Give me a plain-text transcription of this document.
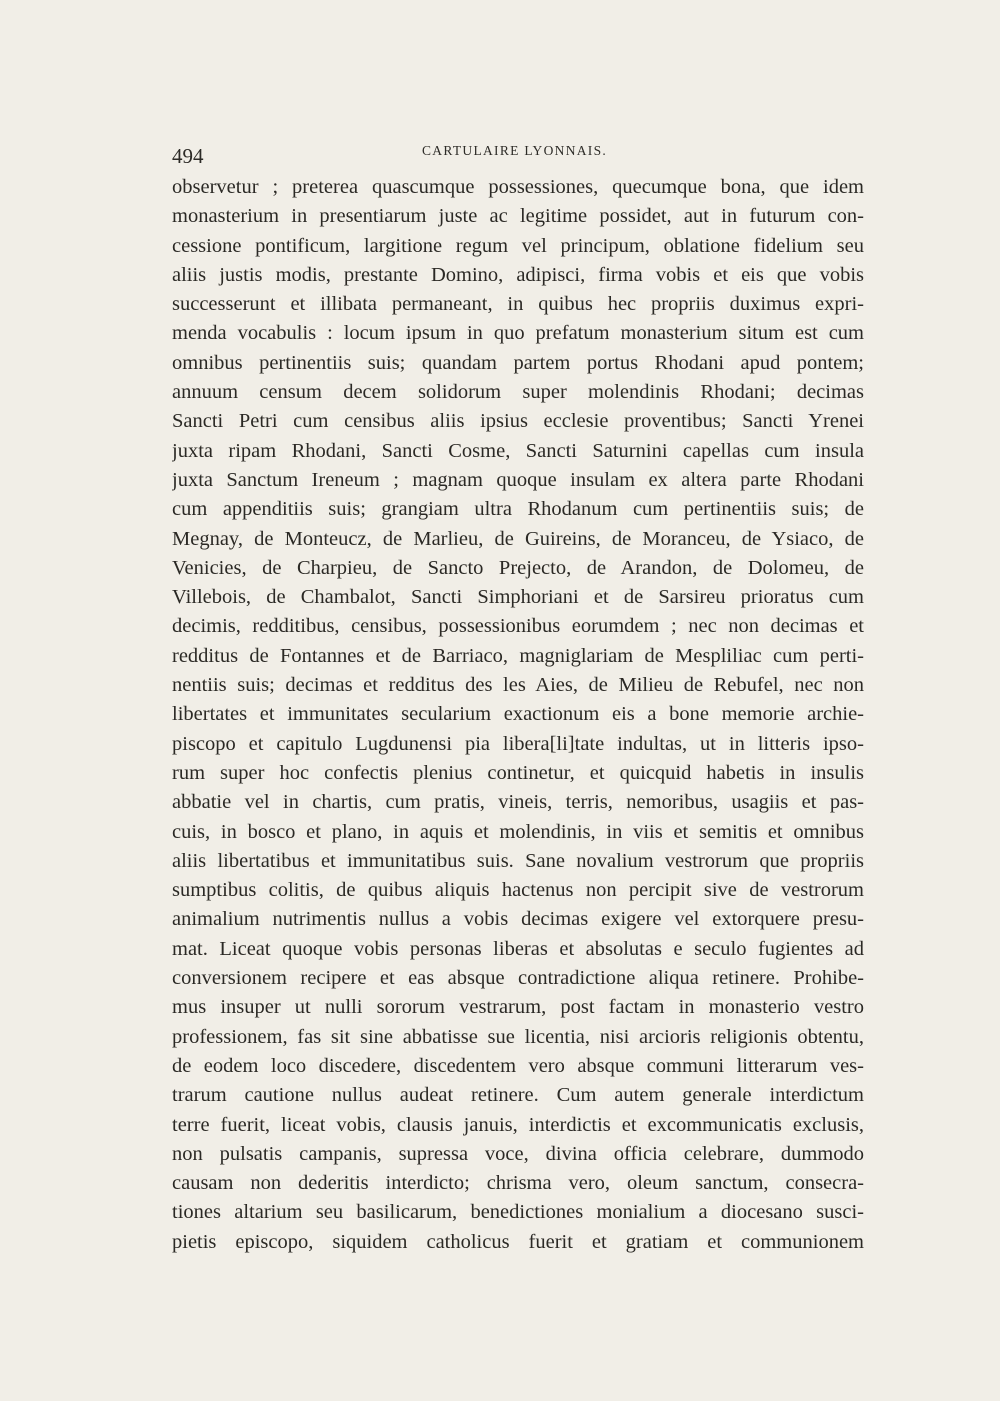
494	CARTULAIRE LYONNAIS.
observetur ; preterea quascumque possessiones, quecumque bona, que idem
monasterium in presentiarum juste ac legitime possidet, aut in futurum con-
cessione pontificum, largitione regum vel principum, oblatione fidelium seu
aliis justis modis, prestante Domino, adipisci, firma vobis et eis que vobis
successerunt et illibata permaneant, in quibus hec propriis duximus expri-
menda vocabulis : locum ipsum in quo prefatum monasterium situm est cum
omnibus pertinentiis suis; quandam partem portus Rhodani apud pontem;
annuum censum decem solidorum super molendinis Rhodani; decimas
Sancti Petri cum censibus aliis ipsius ecclesie proventibus; Sancti Yrenei
juxta ripam Rhodani, Sancti Cosme, Sancti Saturnini capellas cum insula
juxta Sanctum Ireneum ; magnam quoque insulam ex altera parte Rhodani
cum appenditiis suis; grangiam ultra Rhodanum cum pertinentiis suis; de
Megnay, de Monteucz, de Marlieu, de Guireins, de Moranceu, de Ysiaco, de
Venicies, de Charpieu, de Sancto Prejecto, de Arandon, de Dolomeu, de
Villebois, de Chambalot, Sancti Simphoriani et de Sarsireu prioratus cum
decimis, redditibus, censibus, possessionibus eorumdem ; nec non decimas et
redditus de Fontannes et de Barriaco, magniglariam de Mespliliac cum perti-
nentiis suis; decimas et redditus des les Aies, de Milieu de Rebufel, nec non
libertates et immunitates secularium exactionum eis a bone memorie archie-
piscopo et capitulo Lugdunensi pia libera[li]tate indultas, ut in litteris ipso-
rum super hoc confectis plenius continetur, et quicquid habetis in insulis
abbatie vel in chartis, cum pratis, vineis, terris, nemoribus, usagiis et pas-
cuis, in bosco et plano, in aquis et molendinis, in viis et semitis et omnibus
aliis libertatibus et immunitatibus suis. Sane novalium vestrorum que propriis
sumptibus colitis, de quibus aliquis hactenus non percipit sive de vestrorum
animalium nutrimentis nullus a vobis decimas exigere vel extorquere presu-
mat. Liceat quoque vobis personas liberas et absolutas e seculo fugientes ad
conversionem recipere et eas absque contradictione aliqua retinere. Prohibe-
mus insuper ut nulli sororum vestrarum, post factam in monasterio vestro
professionem, fas sit sine abbatisse sue licentia, nisi arcioris religionis obtentu,
de eodem loco discedere, discedentem vero absque communi litterarum ves-
trarum cautione nullus audeat retinere. Cum autem generale interdictum
terre fuerit, liceat vobis, clausis januis, interdictis et excommunicatis exclusis,
non pulsatis campanis, supressa voce, divina officia celebrare, dummodo
causam non dederitis interdicto; chrisma vero, oleum sanctum, consecra-
tiones altarium seu basilicarum, benedictiones monialium a diocesano susci-
pietis episcopo, siquidem catholicus fuerit et gratiam et communionem
